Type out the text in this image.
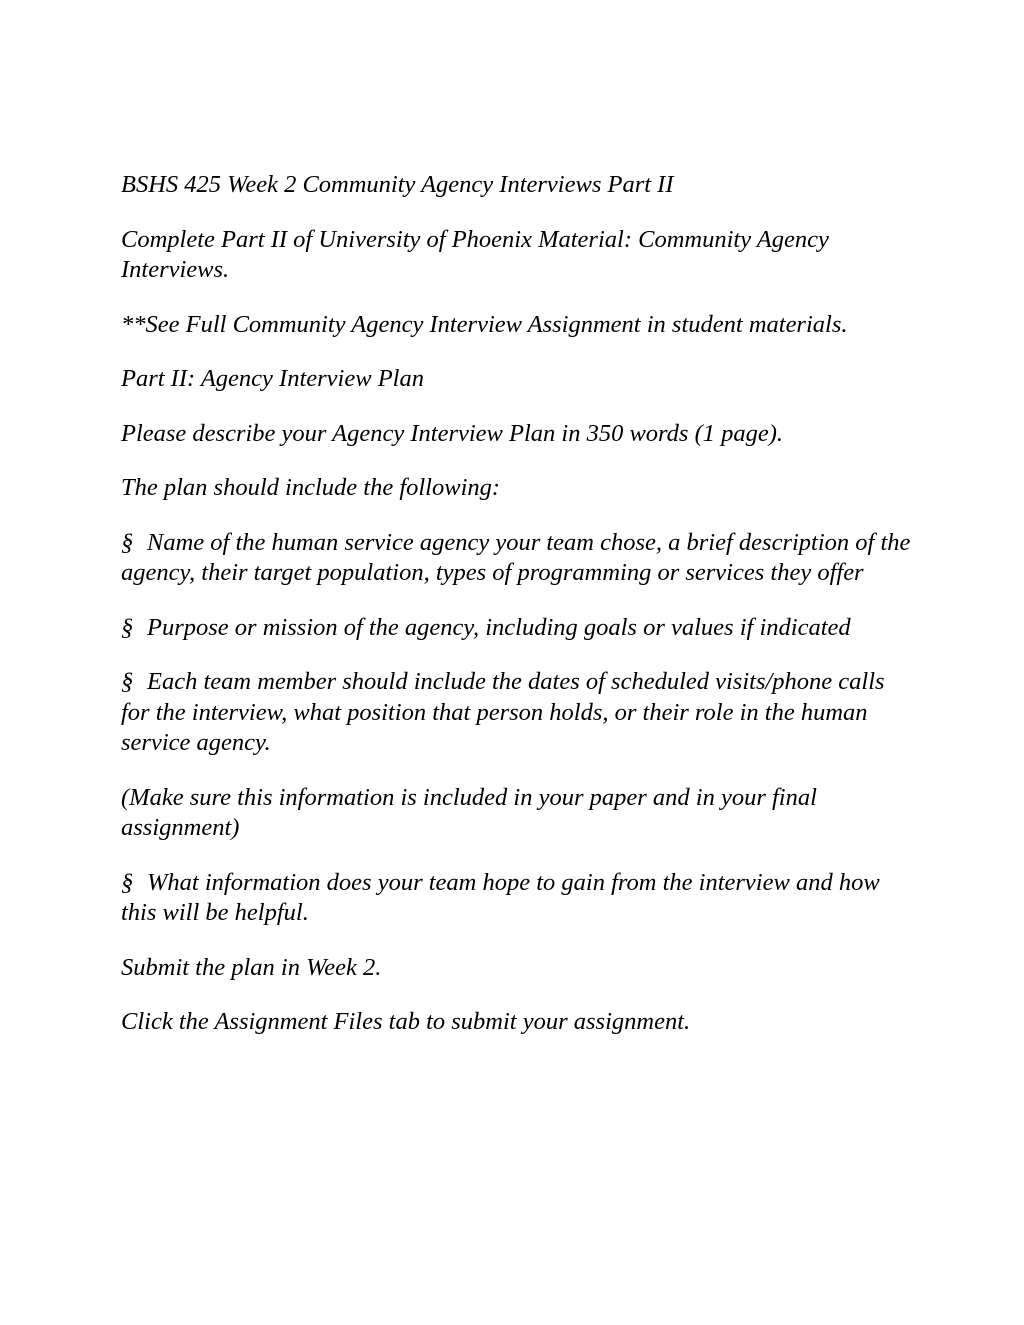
BSHS 425 Week 2 Community Agency Interviews Part II

Complete Part II of University of Phoenix Material: Community Agency Interviews.

**See Full Community Agency Interview Assignment in student materials.

Part II: Agency Interview Plan

Please describe your Agency Interview Plan in 350 words (1 page).

The plan should include the following:

§ Name of the human service agency your team chose, a brief description of the agency, their target population, types of programming or services they offer

§ Purpose or mission of the agency, including goals or values if indicated

§ Each team member should include the dates of scheduled visits/phone calls for the interview, what position that person holds, or their role in the human service agency.

(Make sure this information is included in your paper and in your final assignment)

§ What information does your team hope to gain from the interview and how this will be helpful.

Submit the plan in Week 2.

Click the Assignment Files tab to submit your assignment.
